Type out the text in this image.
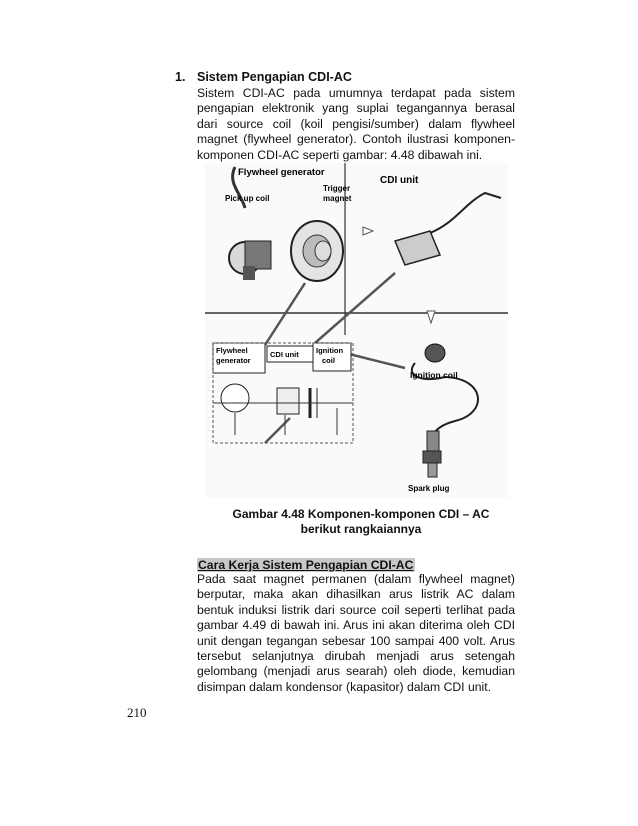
1. Sistem Pengapian CDI-AC
Sistem CDI-AC pada umumnya terdapat pada sistem pengapian elektronik yang suplai tegangannya berasal dari source coil (koil pengisi/sumber) dalam flywheel magnet (flywheel generator). Contoh ilustrasi komponen-komponen CDI-AC seperti gambar: 4.48 dibawah ini.
Flywheel generator
Trigger
magnet
Pick up coil
CDI unit
Flywheel
generator
CDI unit Ignition
coil
Ignition coil
Spark plug
Gambar 4.48 Komponen-komponen CDI – AC
berikut rangkaiannya
Cara Kerja Sistem Pengapian CDI-AC
Pada saat magnet permanen (dalam flywheel magnet) berputar, maka akan dihasilkan arus listrik AC dalam bentuk induksi listrik dari source coil seperti terlihat pada gambar 4.49 di bawah ini. Arus ini akan diterima oleh CDI unit dengan tegangan sebesar 100 sampai 400 volt. Arus tersebut selanjutnya dirubah menjadi arus setengah gelombang (menjadi arus searah) oleh diode, kemudian disimpan dalam kondensor (kapasitor) dalam CDI unit.
210
